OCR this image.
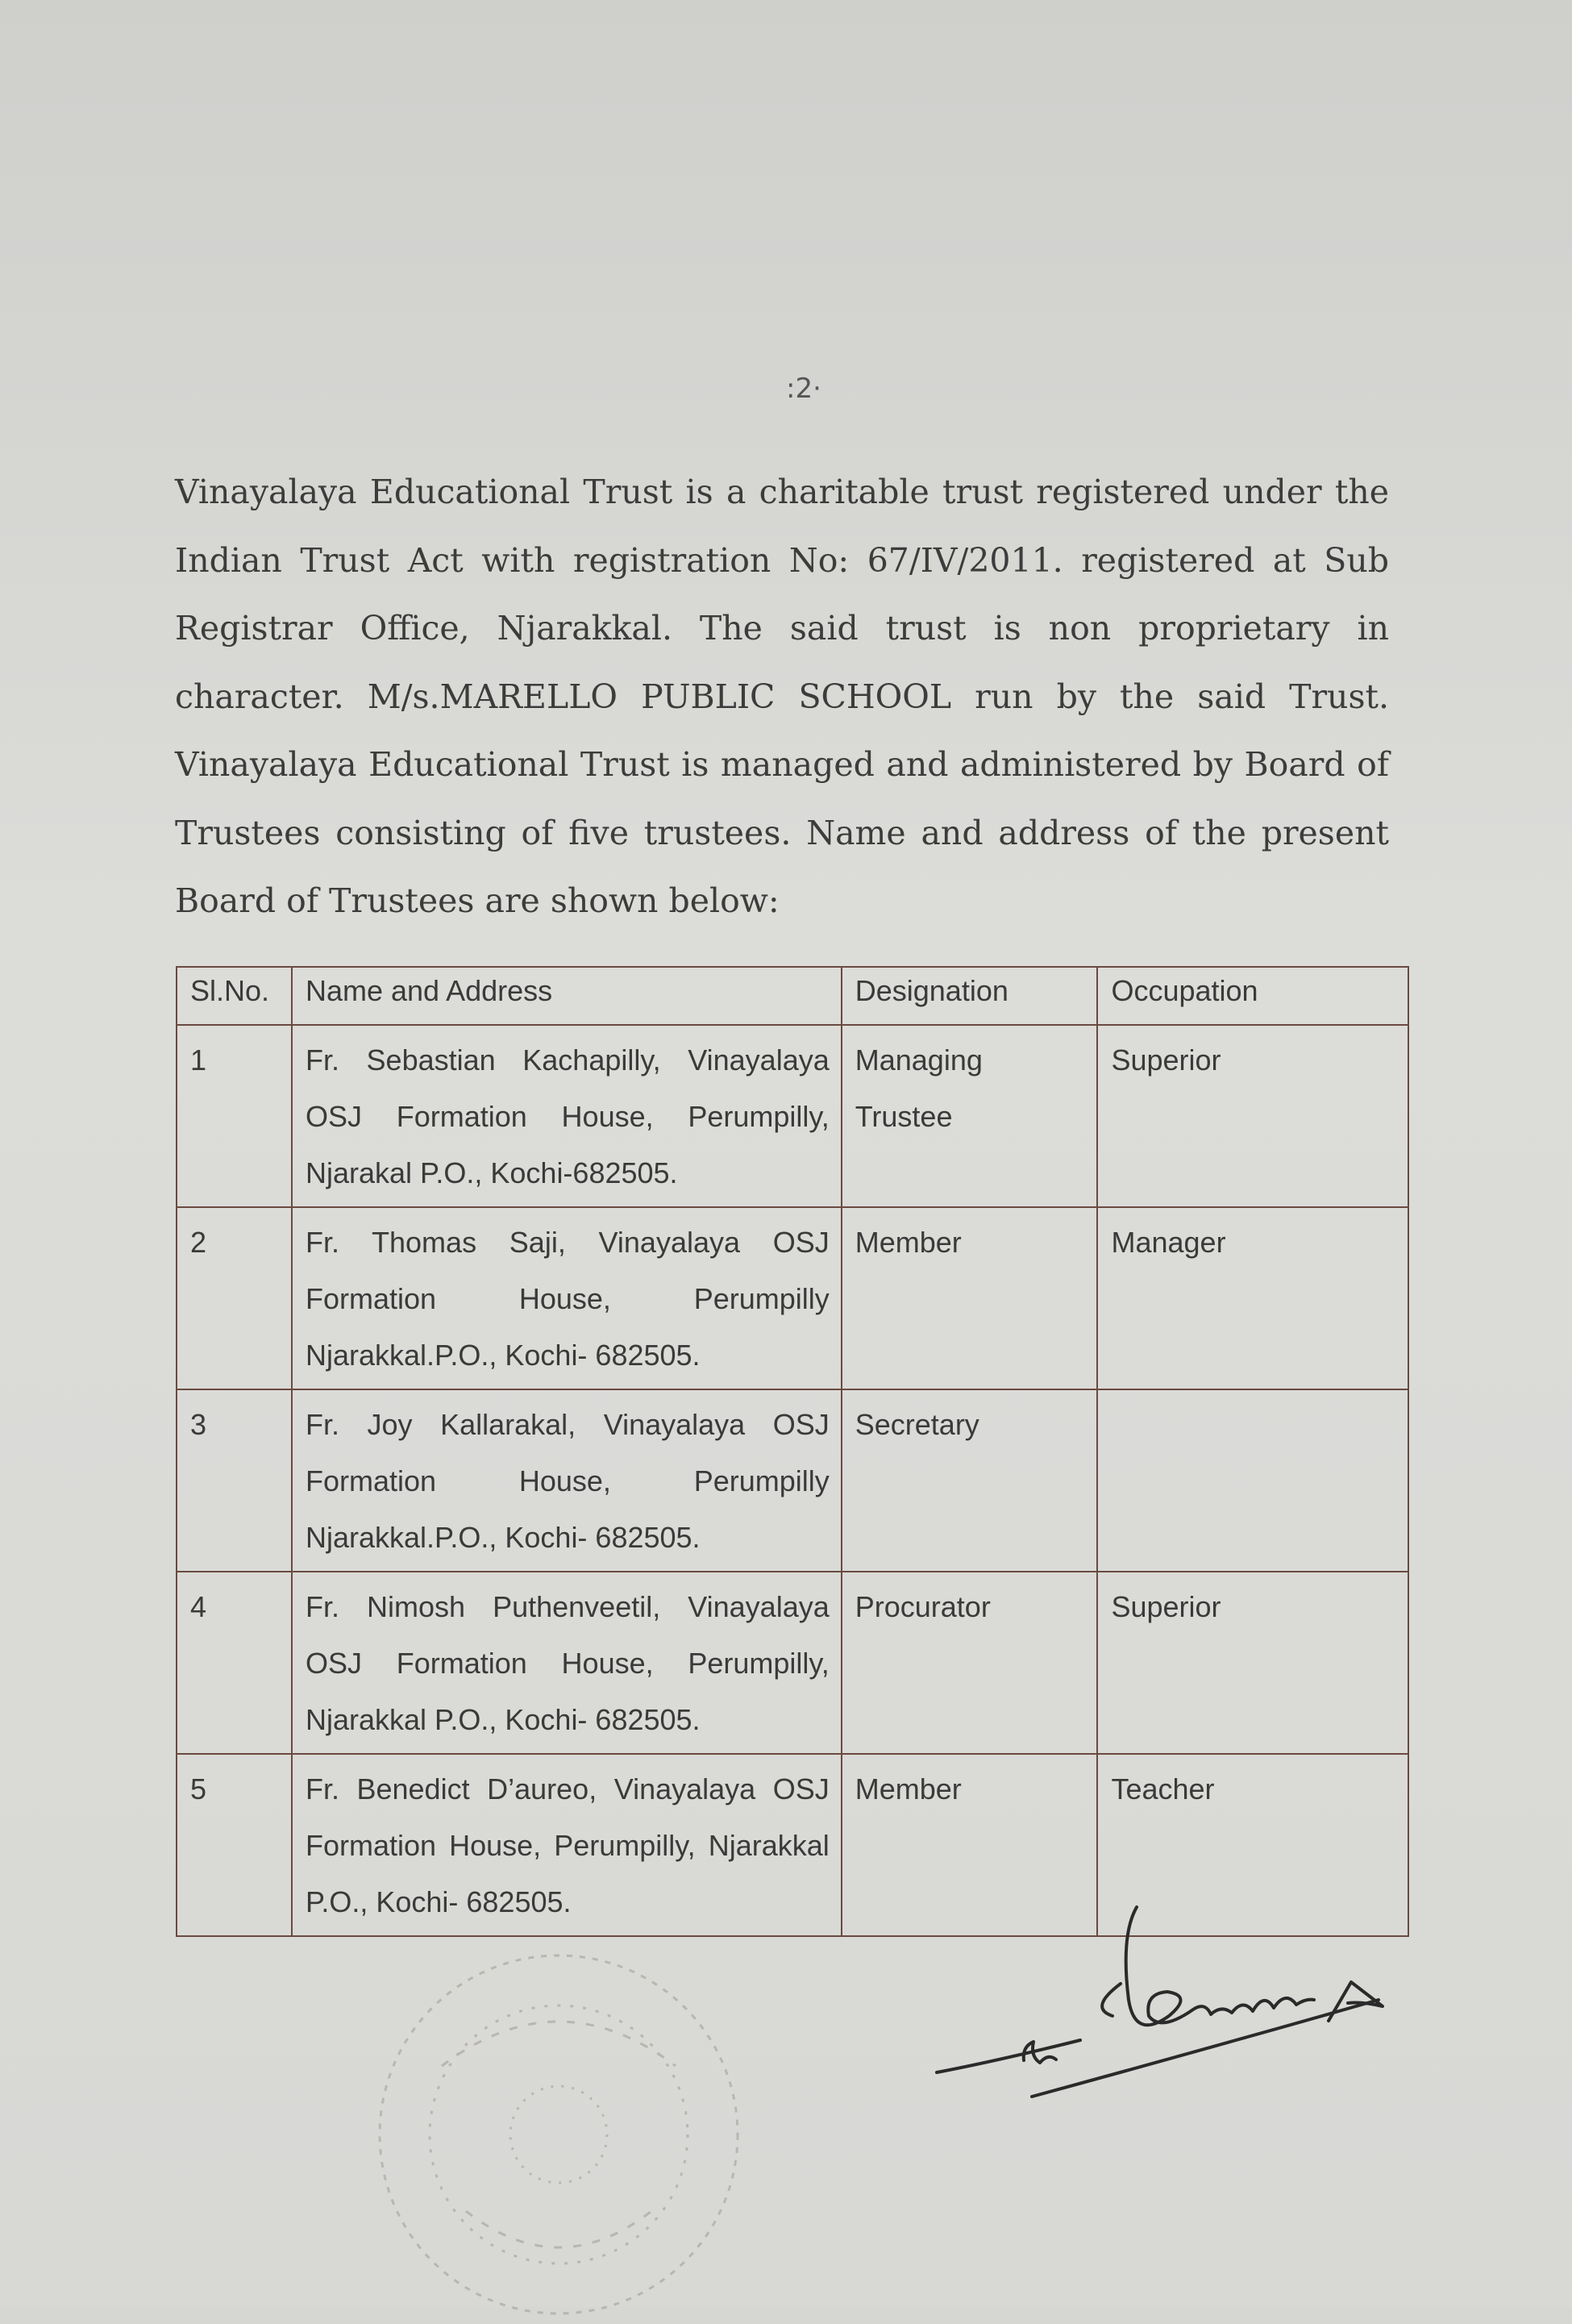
:2·

Vinayalaya Educational Trust is a charitable trust registered under the Indian Trust Act with registration No: 67/IV/2011. registered at Sub Registrar Office, Njarakkal. The said trust is non proprietary in character. M/s.MARELLO PUBLIC SCHOOL run by the said Trust. Vinayalaya Educational Trust is managed and administered by Board of Trustees consisting of five trustees. Name and address of the present Board of Trustees are shown below:

Sl.No.	Name and Address	Designation	Occupation
1	Fr. Sebastian Kachapilly, Vinayalaya OSJ Formation House, Perumpilly, Njarakal P.O., Kochi-682505.	Managing Trustee	Superior
2	Fr. Thomas Saji, Vinayalaya OSJ Formation House, Perumpilly Njarakkal.P.O., Kochi- 682505.	Member	Manager
3	Fr. Joy Kallarakal, Vinayalaya OSJ Formation House, Perumpilly Njarakkal.P.O., Kochi- 682505.	Secretary	
4	Fr. Nimosh Puthenveetil, Vinayalaya OSJ Formation House, Perumpilly, Njarakkal P.O., Kochi- 682505.	Procurator	Superior
5	Fr. Benedict D’aureo, Vinayalaya OSJ Formation House, Perumpilly, Njarakkal P.O., Kochi- 682505.	Member	Teacher
